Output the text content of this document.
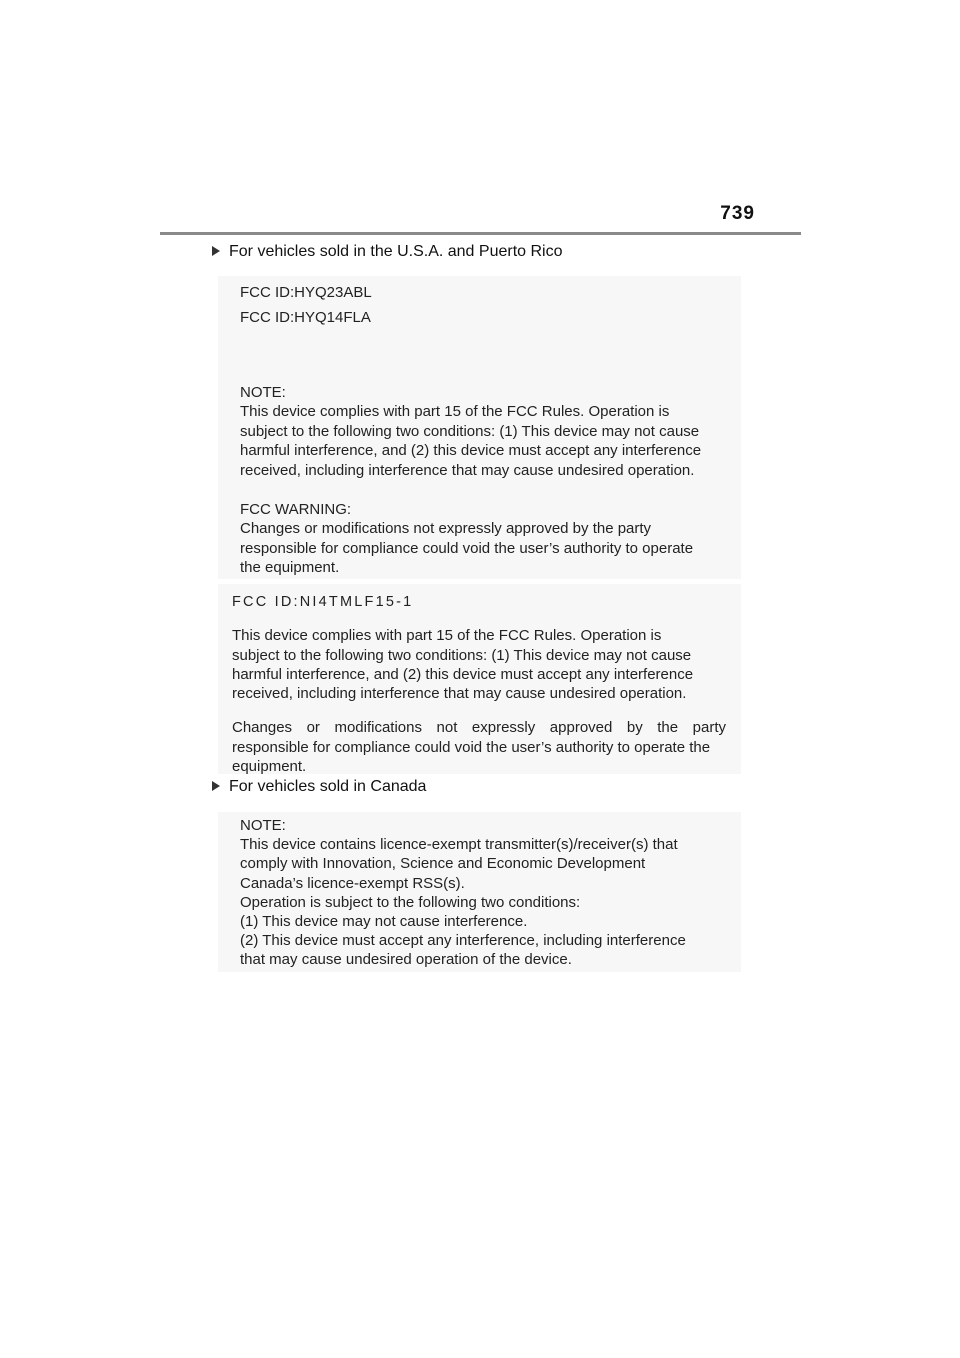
739
For vehicles sold in the U.S.A. and Puerto Rico

FCC ID:HYQ23ABL

FCC ID:HYQ14FLA

NOTE:

This device complies with part 15 of the FCC Rules. Operation is

subject to the following two conditions: (1) This device may not cause

harmful interference, and (2) this device must accept any interference

received, including interference that may cause undesired operation.

FCC WARNING:

Changes or modifications not expressly approved by the party

responsible for compliance could void the user’s authority to operate

the equipment.

FCC ID:NI4TMLF15-1

This device complies with part 15 of the FCC Rules. Operation is

subject to the following two conditions: (1) This device may not cause

harmful interference, and (2) this device must accept any interference

received, including interference that may cause undesired operation.

Changes or modifications not expressly approved by the party

responsible for compliance could void the user’s authority to operate the

equipment.

For vehicles sold in Canada

NOTE:

This device contains licence-exempt transmitter(s)/receiver(s) that

comply with Innovation, Science and Economic Development

Canada’s licence-exempt RSS(s).

Operation is subject to the following two conditions:

(1) This device may not cause interference.

(2) This device must accept any interference, including interference

that may cause undesired operation of the device.
